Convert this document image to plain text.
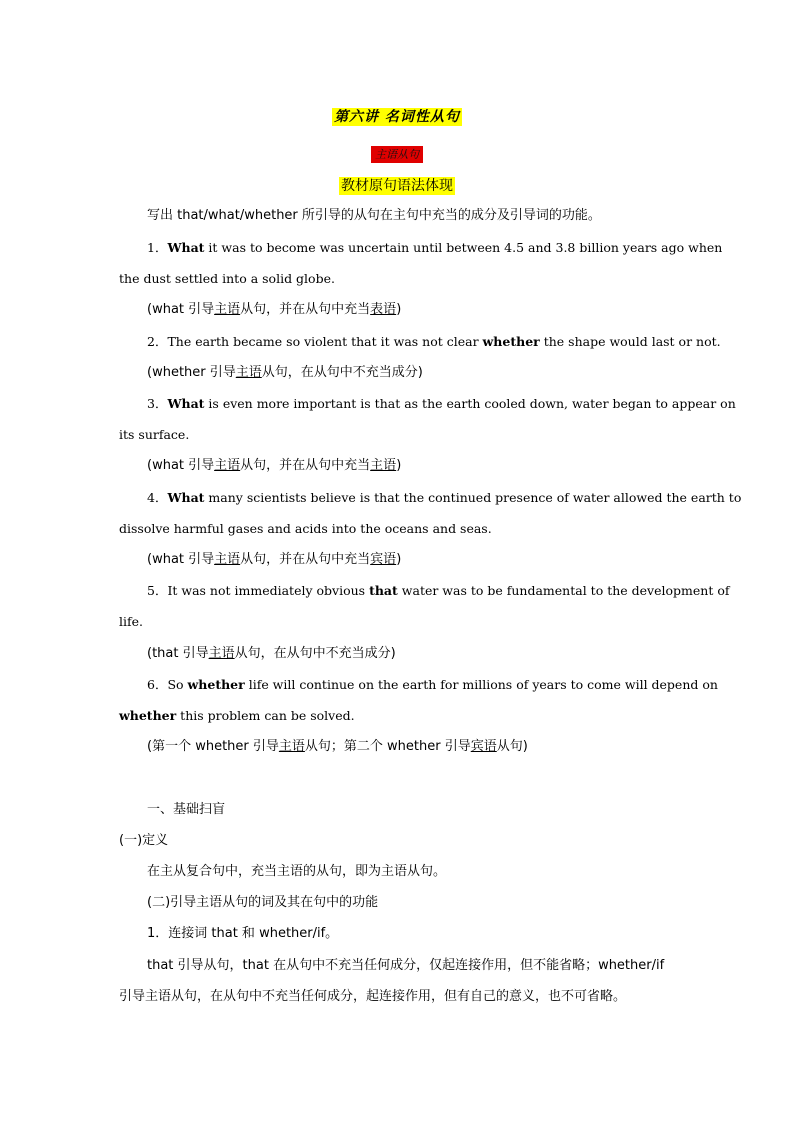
第六讲 名词性从句
主语从句
教材原句语法体现
写出 that/what/whether 所引导的从句在主句中充当的成分及引导词的功能。
1．What it was to become was uncertain until between 4.5 and 3.8 billion years ago when
the dust settled into a solid globe.
(what 引导主语从句，并在从句中充当表语)
2．The earth became so violent that it was not clear whether the shape would last or not.
(whether 引导主语从句，在从句中不充当成分)
3．What is even more important is that as the earth cooled down, water began to appear on
its surface.
(what 引导主语从句，并在从句中充当主语)
4．What many scientists believe is that the continued presence of water allowed the earth to
dissolve harmful gases and acids into the oceans and seas.
(what 引导主语从句，并在从句中充当宾语)
5．It was not immediately obvious that water was to be fundamental to the development of
life.
(that 引导主语从句，在从句中不充当成分)
6．So whether life will continue on the earth for millions of years to come will depend on
whether this problem can be solved.
(第一个 whether 引导主语从句；第二个 whether 引导宾语从句)
一、基础扫盲
(一)定义
在主从复合句中，充当主语的从句，即为主语从句。
(二)引导主语从句的词及其在句中的功能
1．连接词 that 和 whether/if。
that 引导从句，that 在从句中不充当任何成分，仅起连接作用，但不能省略；whether/if
引导主语从句，在从句中不充当任何成分，起连接作用，但有自己的意义，也不可省略。
